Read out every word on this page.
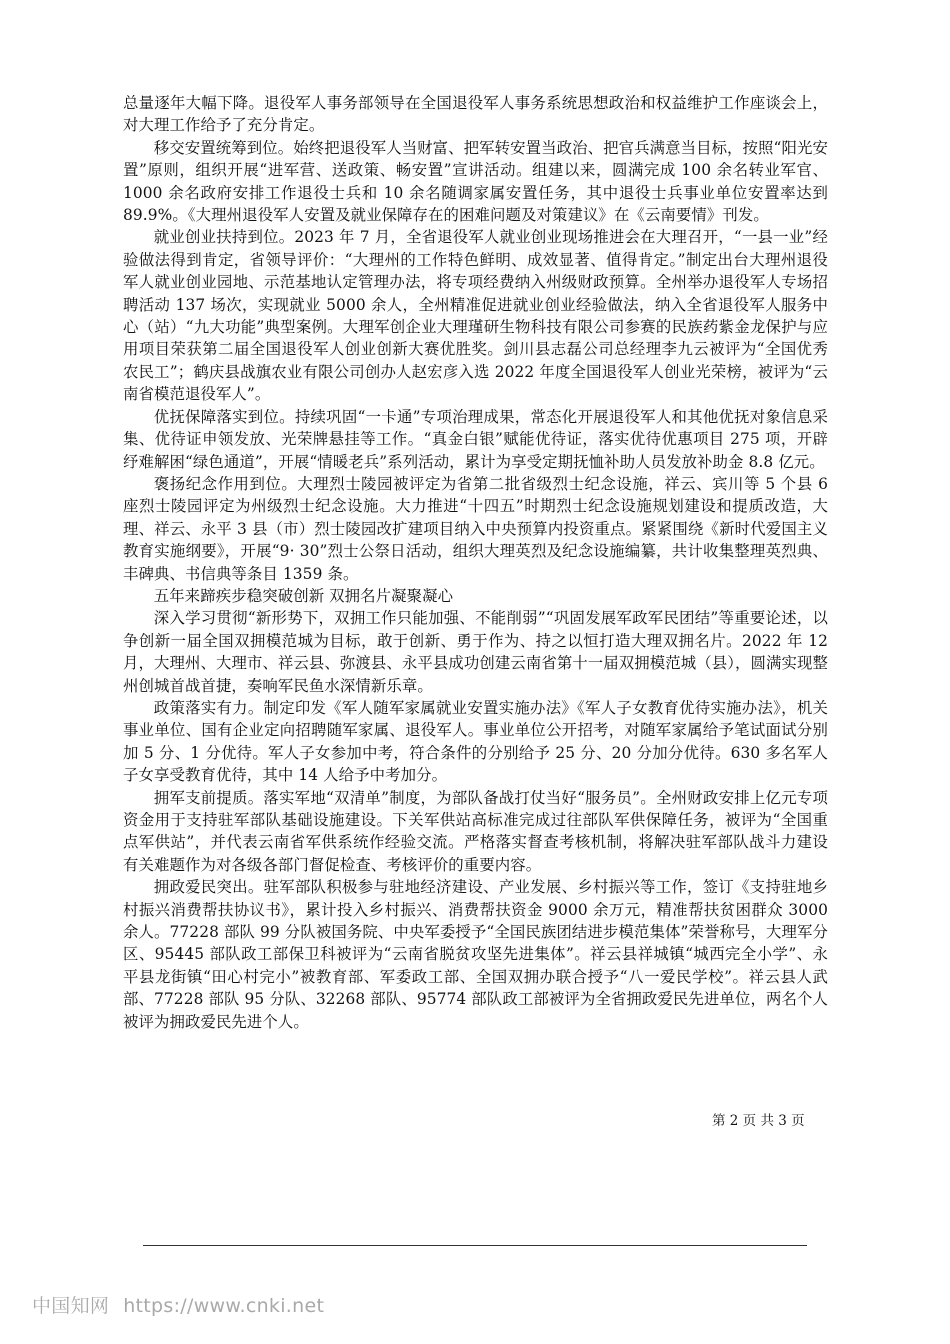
总量逐年大幅下降。退役军人事务部领导在全国退役军人事务系统思想政治和权益维护工作座谈会上，对大理工作给予了充分肯定。

移交安置统筹到位。始终把退役军人当财富、把军转安置当政治、把官兵满意当目标，按照“阳光安置”原则，组织开展“进军营、送政策、畅安置”宣讲活动。组建以来，圆满完成 100 余名转业军官、1000 余名政府安排工作退役士兵和 10 余名随调家属安置任务，其中退役士兵事业单位安置率达到 89.9%。《大理州退役军人安置及就业保障存在的困难问题及对策建议》在《云南要情》刊发。

就业创业扶持到位。2023 年 7 月，全省退役军人就业创业现场推进会在大理召开，“一县一业”经验做法得到肯定，省领导评价：“大理州的工作特色鲜明、成效显著、值得肯定。”制定出台大理州退役军人就业创业园地、示范基地认定管理办法，将专项经费纳入州级财政预算。全州举办退役军人专场招聘活动 137 场次，实现就业 5000 余人，全州精准促进就业创业经验做法，纳入全省退役军人服务中心（站）“九大功能”典型案例。大理军创企业大理瑾研生物科技有限公司参赛的民族药紫金龙保护与应用项目荣获第二届全国退役军人创业创新大赛优胜奖。剑川县志磊公司总经理李九云被评为“全国优秀农民工”；鹤庆县战旗农业有限公司创办人赵宏彦入选 2022 年度全国退役军人创业光荣榜，被评为“云南省模范退役军人”。

优抚保障落实到位。持续巩固“一卡通”专项治理成果，常态化开展退役军人和其他优抚对象信息采集、优待证申领发放、光荣牌悬挂等工作。“真金白银”赋能优待证，落实优待优惠项目 275 项，开辟纾难解困“绿色通道”，开展“情暖老兵”系列活动，累计为享受定期抚恤补助人员发放补助金 8.8 亿元。

褒扬纪念作用到位。大理烈士陵园被评定为省第二批省级烈士纪念设施，祥云、宾川等 5 个县 6 座烈士陵园评定为州级烈士纪念设施。大力推进“十四五”时期烈士纪念设施规划建设和提质改造，大理、祥云、永平 3 县（市）烈士陵园改扩建项目纳入中央预算内投资重点。紧紧围绕《新时代爱国主义教育实施纲要》，开展“9· 30”烈士公祭日活动，组织大理英烈及纪念设施编纂，共计收集整理英烈典、丰碑典、书信典等条目 1359 条。

五年来蹄疾步稳突破创新 双拥名片凝聚凝心

深入学习贯彻“新形势下，双拥工作只能加强、不能削弱”“巩固发展军政军民团结”等重要论述，以争创新一届全国双拥模范城为目标，敢于创新、勇于作为、持之以恒打造大理双拥名片。2022 年 12 月，大理州、大理市、祥云县、弥渡县、永平县成功创建云南省第十一届双拥模范城（县），圆满实现整州创城首战首捷，奏响军民鱼水深情新乐章。

政策落实有力。制定印发《军人随军家属就业安置实施办法》《军人子女教育优待实施办法》，机关事业单位、国有企业定向招聘随军家属、退役军人。事业单位公开招考，对随军家属给予笔试面试分别加 5 分、1 分优待。军人子女参加中考，符合条件的分别给予 25 分、20 分加分优待。630 多名军人子女享受教育优待，其中 14 人给予中考加分。

拥军支前提质。落实军地“双清单”制度，为部队备战打仗当好“服务员”。全州财政安排上亿元专项资金用于支持驻军部队基础设施建设。下关军供站高标准完成过往部队军供保障任务，被评为“全国重点军供站”，并代表云南省军供系统作经验交流。严格落实督查考核机制，将解决驻军部队战斗力建设有关难题作为对各级各部门督促检查、考核评价的重要内容。

拥政爱民突出。驻军部队积极参与驻地经济建设、产业发展、乡村振兴等工作，签订《支持驻地乡村振兴消费帮扶协议书》，累计投入乡村振兴、消费帮扶资金 9000 余万元，精准帮扶贫困群众 3000 余人。77228 部队 99 分队被国务院、中央军委授予“全国民族团结进步模范集体”荣誉称号，大理军分区、95445 部队政工部保卫科被评为“云南省脱贫攻坚先进集体”。祥云县祥城镇“城西完全小学”、永平县龙街镇“田心村完小”被教育部、军委政工部、全国双拥办联合授予“八一爱民学校”。祥云县人武部、77228 部队 95 分队、32268 部队、95774 部队政工部被评为全省拥政爱民先进单位，两名个人被评为拥政爱民先进个人。

第 2 页 共 3 页
中国知网 https://www.cnki.net
